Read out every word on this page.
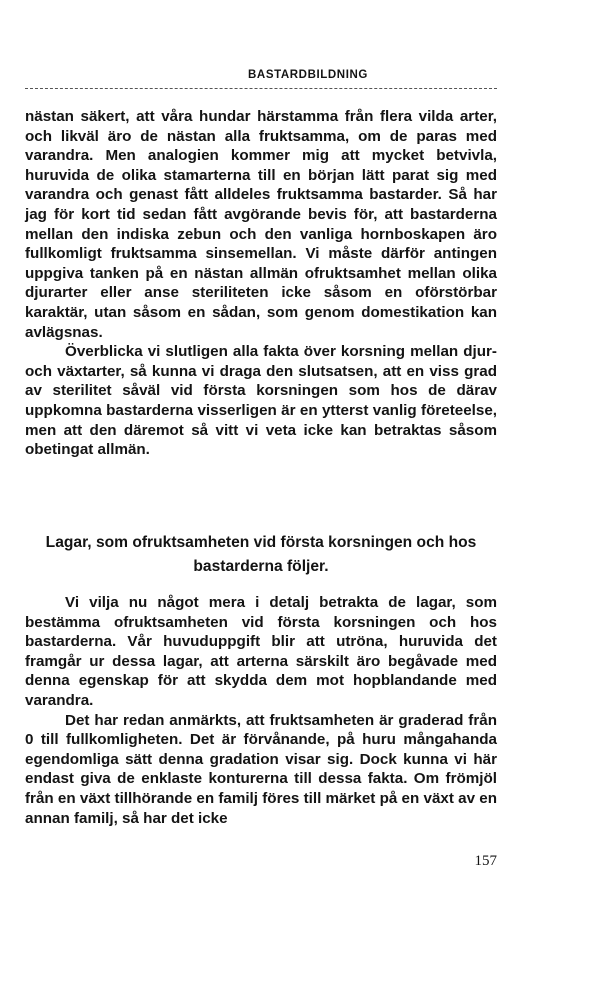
BASTARDBILDNING

nästan säkert, att våra hundar härstamma från flera vilda arter, och likväl äro de nästan alla fruktsamma, om de paras med varandra. Men analogien kommer mig att mycket betvivla, huruvida de olika stamarterna till en början lätt parat sig med varandra och genast fått alldeles fruktsamma bastarder. Så har jag för kort tid sedan fått avgörande bevis för, att bastarderna mellan den indiska zebun och den vanliga hornboskapen äro fullkomligt fruktsamma sinsemellan. Vi måste därför antingen uppgiva tanken på en nästan allmän ofruktsamhet mellan olika djurarter eller anse steriliteten icke såsom en oförstörbar karaktär, utan såsom en sådan, som genom domestikation kan avlägsnas.

Överblicka vi slutligen alla fakta över korsning mellan djur- och växtarter, så kunna vi draga den slutsatsen, att en viss grad av sterilitet såväl vid första korsningen som hos de därav uppkomna bastarderna visserligen är en ytterst vanlig företeelse, men att den däremot så vitt vi veta icke kan betraktas såsom obetingat allmän.

Lagar, som ofruktsamheten vid första korsningen och hos bastarderna följer.

Vi vilja nu något mera i detalj betrakta de lagar, som bestämma ofruktsamheten vid första korsningen och hos bastarderna. Vår huvuduppgift blir att utröna, huruvida det framgår ur dessa lagar, att arterna särskilt äro begåvade med denna egenskap för att skydda dem mot hopblandande med varandra.

Det har redan anmärkts, att fruktsamheten är graderad från 0 till fullkomligheten. Det är förvånande, på huru mångahanda egendomliga sätt denna gradation visar sig. Dock kunna vi här endast giva de enklaste konturerna till dessa fakta. Om frömjöl från en växt tillhörande en familj föres till märket på en växt av en annan familj, så har det icke

157
